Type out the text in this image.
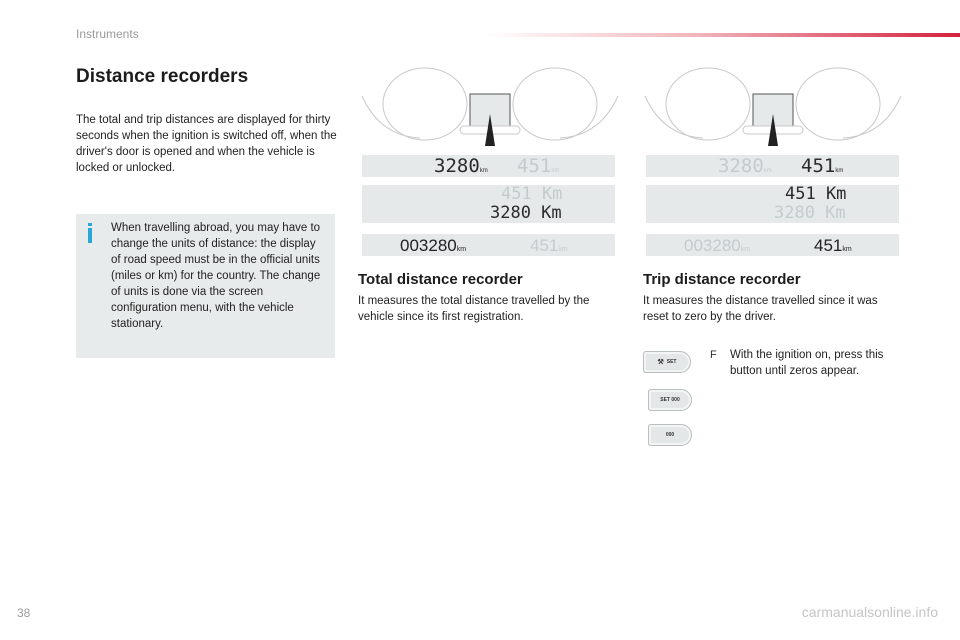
Instruments
Distance recorders
The total and trip distances are displayed for thirty seconds when the ignition is switched off, when the driver's door is opened and when the vehicle is locked or unlocked.
When travelling abroad, you may have to change the units of distance: the display of road speed must be in the official units (miles or km) for the country. The change of units is done via the screen configuration menu, with the vehicle stationary.
3280km 451km
451 Km
3280 Km
003280km	451km
3280km 451km
451 Km
3280 Km
003280km	451km
Total distance recorder
It measures the total distance travelled by the vehicle since its first registration.
Trip distance recorder
It measures the distance travelled since it was reset to zero by the driver.
F With the ignition on, press this button until zeros appear.
⚒ SET
SET 000
000
38	carmanualsonline.info
